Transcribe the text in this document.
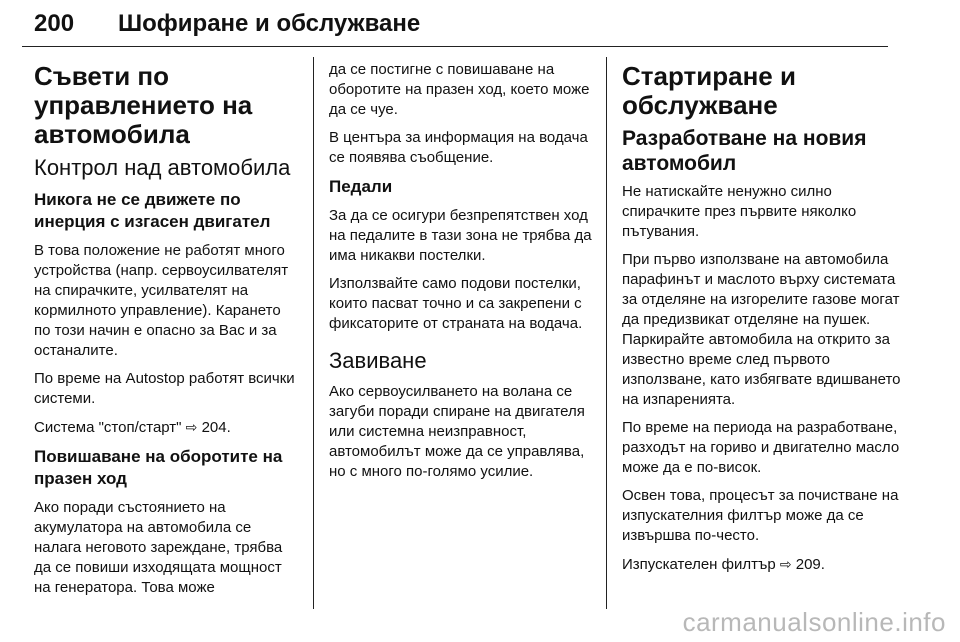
200 Шофиране и обслужване
Съвети по управлението на автомобила
Контрол над автомобила
Никога не се движете по инерция с изгасен двигател
В това положение не работят много устройства (напр. сервоусилвателят на спирачките, усилвателят на кормилното управление). Карането по този начин е опасно за Вас и за останалите.
По време на Autostop работят всички системи.
Система "стоп/старт" ⇨ 204.
Повишаване на оборотите на празен ход
Ако поради състоянието на акумулатора на автомобила се налага неговото зареждане, трябва да се повиши изходящата мощност на генератора. Това може
да се постигне с повишаване на оборотите на празен ход, което може да се чуе.
В центъра за информация на водача се появява съобщение.
Педали
За да се осигури безпрепятствен ход на педалите в тази зона не трябва да има никакви постелки.
Използвайте само подови постелки, които пасват точно и са закрепени с фиксаторите от страната на водача.
Завиване
Ако сервоусилването на волана се загуби поради спиране на двигателя или системна неизправност, автомобилът може да се управлява, но с много по-голямо усилие.
Стартиране и обслужване
Разработване на новия автомобил
Не натискайте ненужно силно спирачките през първите няколко пътувания.
При първо използване на автомобила парафинът и маслото върху системата за отделяне на изгорелите газове могат да предизвикат отделяне на пушек. Паркирайте автомобила на открито за известно време след първото използване, като избягвате вдишването на изпаренията.
По време на периода на разработване, разходът на гориво и двигателно масло може да е по-висок.
Освен това, процесът за почистване на изпускателния филтър може да се извършва по-често.
Изпускателен филтър ⇨ 209.
carmanualsonline.info
